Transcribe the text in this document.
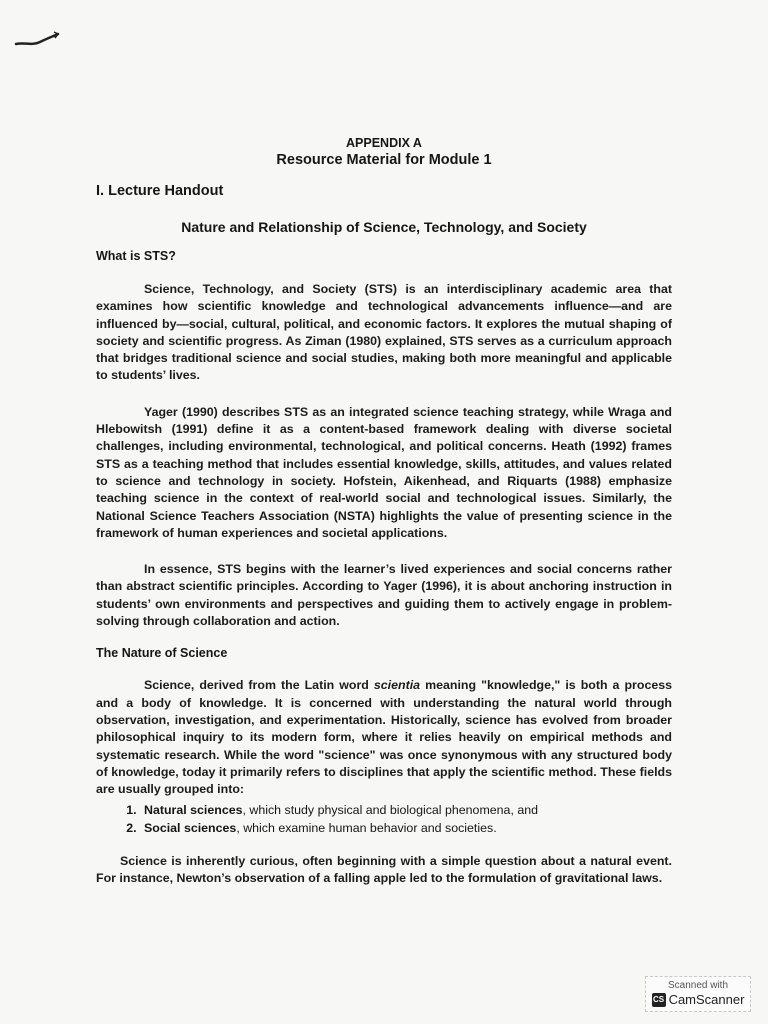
APPENDIX A
Resource Material for Module 1
I. Lecture Handout
Nature and Relationship of Science, Technology, and Society
What is STS?

Science, Technology, and Society (STS) is an interdisciplinary academic area that examines how scientific knowledge and technological advancements influence—and are influenced by—social, cultural, political, and economic factors. It explores the mutual shaping of society and scientific progress. As Ziman (1980) explained, STS serves as a curriculum approach that bridges traditional science and social studies, making both more meaningful and applicable to students’ lives.

Yager (1990) describes STS as an integrated science teaching strategy, while Wraga and Hlebowitsh (1991) define it as a content-based framework dealing with diverse societal challenges, including environmental, technological, and political concerns. Heath (1992) frames STS as a teaching method that includes essential knowledge, skills, attitudes, and values related to science and technology in society. Hofstein, Aikenhead, and Riquarts (1988) emphasize teaching science in the context of real-world social and technological issues. Similarly, the National Science Teachers Association (NSTA) highlights the value of presenting science in the framework of human experiences and societal applications.

In essence, STS begins with the learner’s lived experiences and social concerns rather than abstract scientific principles. According to Yager (1996), it is about anchoring instruction in students’ own environments and perspectives and guiding them to actively engage in problem-solving through collaboration and action.

The Nature of Science

Science, derived from the Latin word scientia meaning "knowledge," is both a process and a body of knowledge. It is concerned with understanding the natural world through observation, investigation, and experimentation. Historically, science has evolved from broader philosophical inquiry to its modern form, where it relies heavily on empirical methods and systematic research. While the word "science" was once synonymous with any structured body of knowledge, today it primarily refers to disciplines that apply the scientific method. These fields are usually grouped into:

1. Natural sciences, which study physical and biological phenomena, and
2. Social sciences, which examine human behavior and societies.

Science is inherently curious, often beginning with a simple question about a natural event. For instance, Newton’s observation of a falling apple led to the formulation of gravitational laws.

Scanned with
CS CamScanner
